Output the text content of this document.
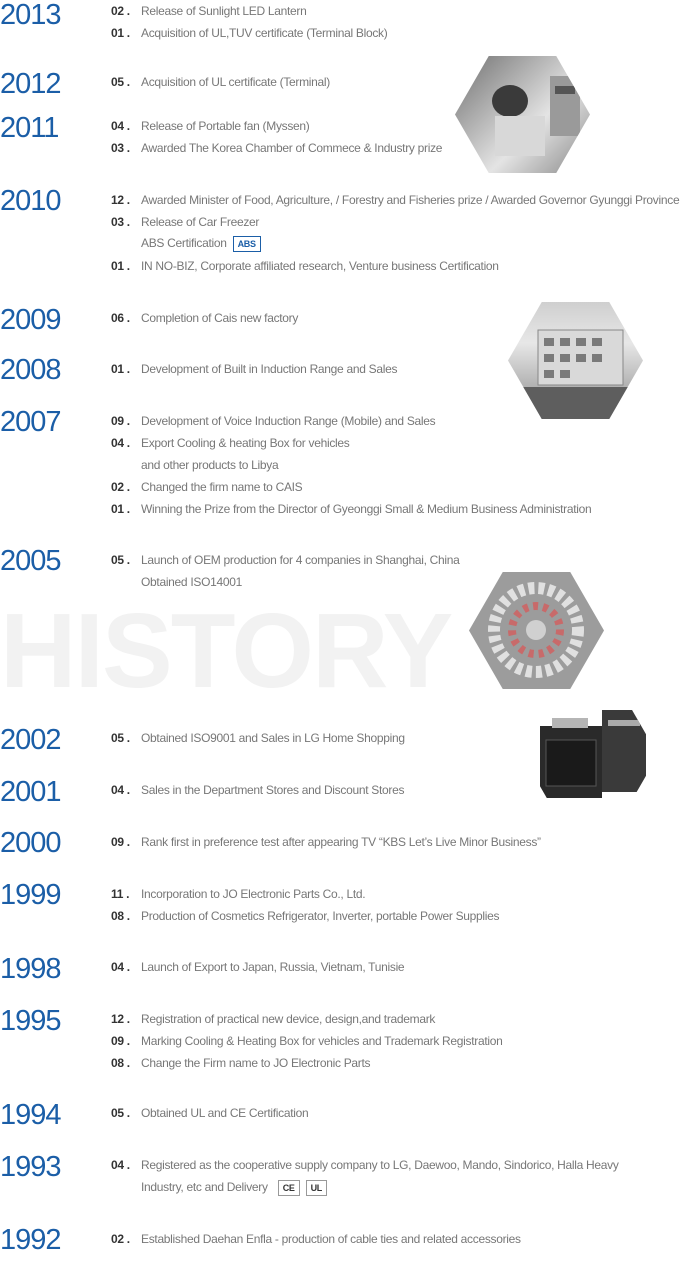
HISTORY
2013	02 . Release of Sunlight LED Lantern
01 . Acquisition of UL,TUV certificate (Terminal Block)
2012	05 . Acquisition of UL certificate (Terminal)
2011	04 . Release of Portable fan (Myssen)
03 . Awarded The Korea Chamber of Commece & Industry prize
2010	12 . Awarded Minister of Food, Agriculture, / Forestry and Fisheries prize / Awarded Governor Gyunggi Province
03 . Release of Car Freezer
ABS Certification ABS
01 . IN NO-BIZ, Corporate affiliated research, Venture business Certification
2009	06 . Completion of Cais new factory
2008	01 . Development of Built in Induction Range and Sales
2007	09 . Development of Voice Induction Range (Mobile) and Sales
04 . Export Cooling & heating Box for vehicles
and other products to Libya
02 . Changed the firm name to CAIS
01 . Winning the Prize from the Director of Gyeonggi Small & Medium Business Administration
2005	05 . Launch of OEM production for 4 companies in Shanghai, China
Obtained ISO14001
2002	05 . Obtained ISO9001 and Sales in LG Home Shopping
2001	04 . Sales in the Department Stores and Discount Stores
2000	09 . Rank first in preference test after appearing TV “KBS Let’s Live Minor Business”
1999	11 . Incorporation to JO Electronic Parts Co., Ltd.
08 . Production of Cosmetics Refrigerator, Inverter, portable Power Supplies
1998	04 . Launch of Export to Japan, Russia, Vietnam, Tunisie
1995	12 . Registration of practical new device, design,and trademark
09 . Marking Cooling & Heating Box for vehicles and Trademark Registration
08 . Change the Firm name to JO Electronic Parts
1994	05 . Obtained UL and CE Certification
1993	04 . Registered as the cooperative supply company to LG, Daewoo, Mando, Sindorico, Halla Heavy
Industry, etc and Delivery CE UL
1992	02 . Established Daehan Enfla - production of cable ties and related accessories
